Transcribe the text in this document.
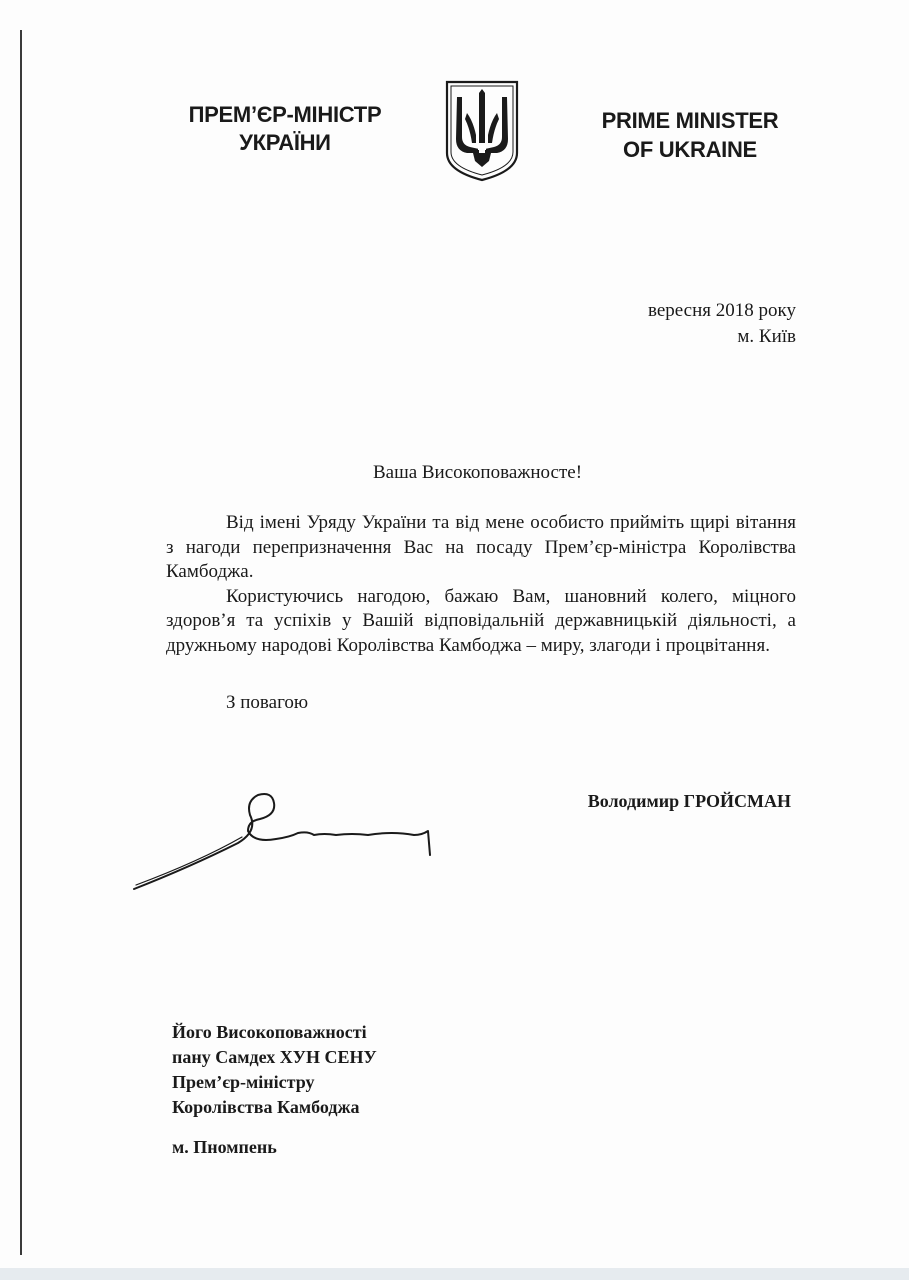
ПРЕМ’ЄР-МІНІСТР
УКРАЇНИ
PRIME MINISTER
OF UKRAINE
вересня 2018 року
м. Київ
Ваша Високоповажносте!

Від імені Уряду України та від мене особисто прийміть щирі вітання з нагоди перепризначення Вас на посаду Прем’єр-міністра Королівства Камбоджа.

Користуючись нагодою, бажаю Вам, шановний колего, міцного здоров’я та успіхів у Вашій відповідальній державницькій діяльності, а дружньому народові Королівства Камбоджа – миру, злагоди і процвітання.

З повагою
Володимир ГРОЙСМАН
Його Високоповажності
пану Самдех ХУН СЕНУ
Прем’єр-міністру
Королівства Камбоджа
м. Пномпень
